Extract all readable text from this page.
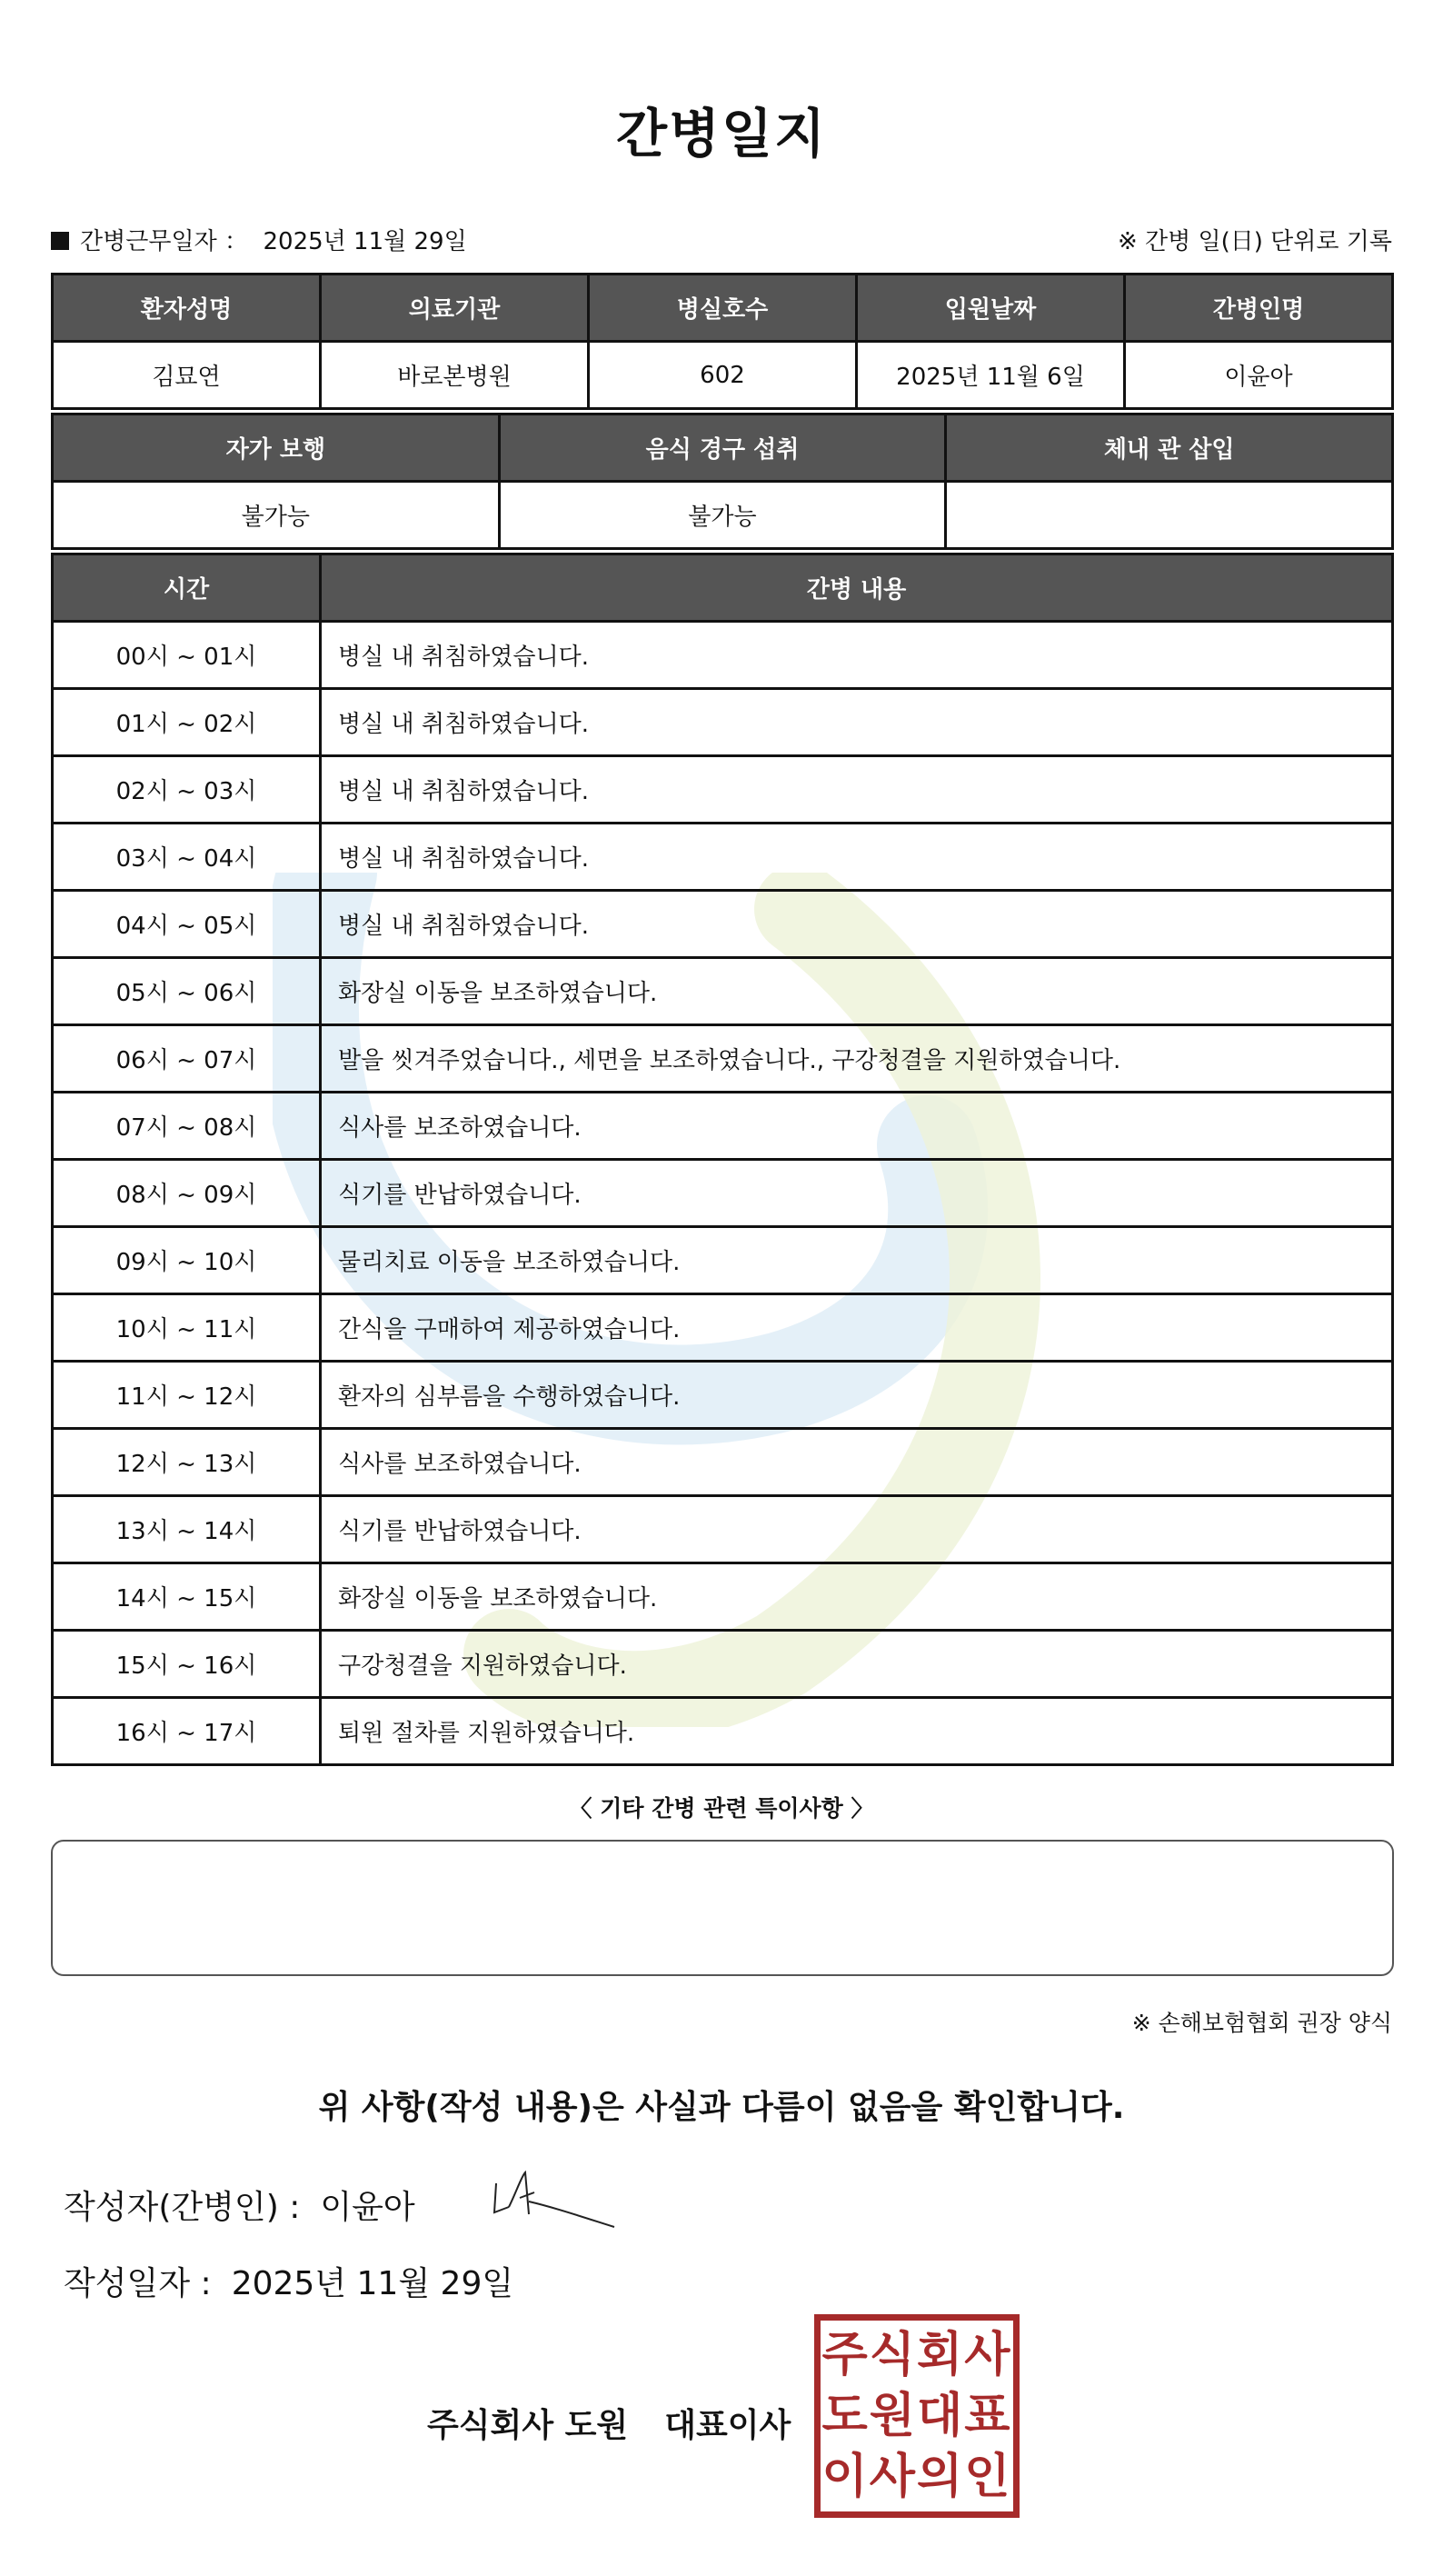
간병일지
간병근무일자 ： 2025년 11월 29일	※ 간병 일(日) 단위로 기록
환자성명	의료기관	병실호수	입원날짜	간병인명
김묘연	바로본병원	602	2025년 11월 6일	이윤아
자가 보행	음식 경구 섭취	체내 관 삽입
불가능	불가능	
시간	간병 내용
00시 ~ 01시	병실 내 취침하였습니다.
01시 ~ 02시	병실 내 취침하였습니다.
02시 ~ 03시	병실 내 취침하였습니다.
03시 ~ 04시	병실 내 취침하였습니다.
04시 ~ 05시	병실 내 취침하였습니다.
05시 ~ 06시	화장실 이동을 보조하였습니다.
06시 ~ 07시	발을 씻겨주었습니다., 세면을 보조하였습니다., 구강청결을 지원하였습니다.
07시 ~ 08시	식사를 보조하였습니다.
08시 ~ 09시	식기를 반납하였습니다.
09시 ~ 10시	물리치료 이동을 보조하였습니다.
10시 ~ 11시	간식을 구매하여 제공하였습니다.
11시 ~ 12시	환자의 심부름을 수행하였습니다.
12시 ~ 13시	식사를 보조하였습니다.
13시 ~ 14시	식기를 반납하였습니다.
14시 ~ 15시	화장실 이동을 보조하였습니다.
15시 ~ 16시	구강청결을 지원하였습니다.
16시 ~ 17시	퇴원 절차를 지원하였습니다.
〈 기타 간병 관련 특이사항 〉
※ 손해보험협회 권장 양식
위 사항(작성 내용)은 사실과 다름이 없음을 확인합니다.
작성자(간병인) : 이윤아
작성일자 : 2025년 11월 29일
주식회사 도원 대표이사
주식회사
도원대표
이사의인
